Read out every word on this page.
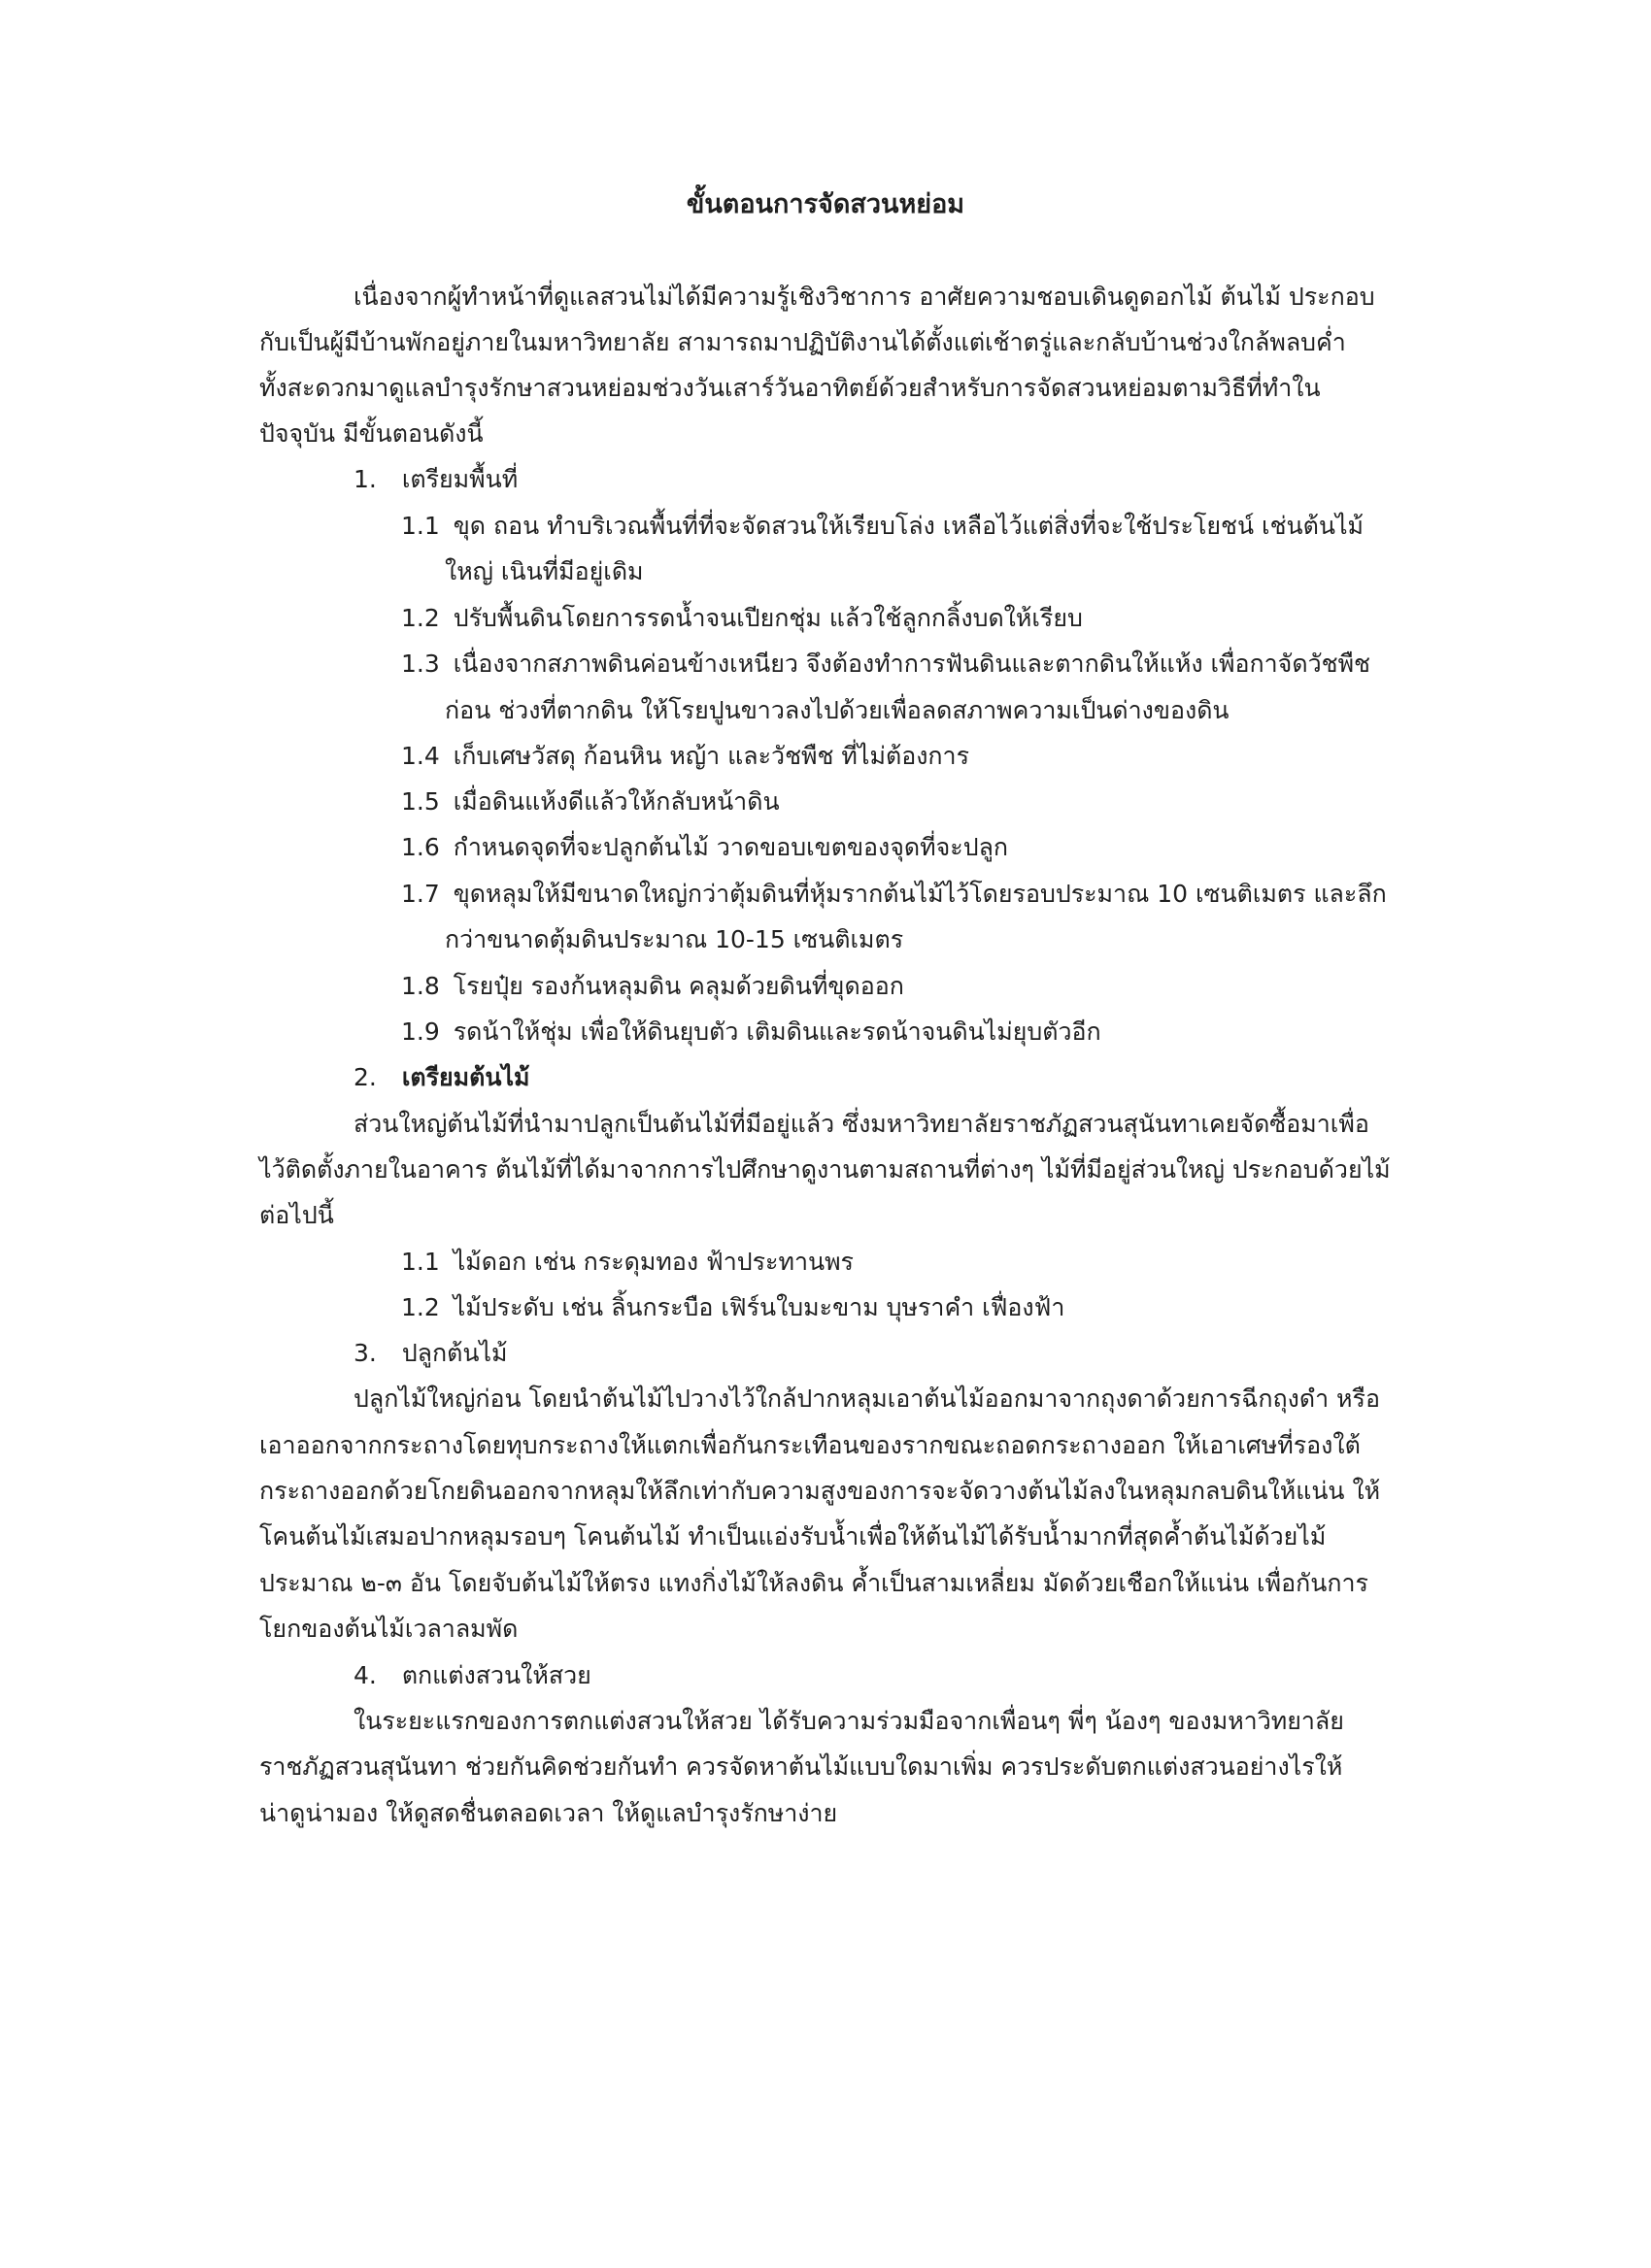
ขั้นตอนการจัดสวนหย่อม
เนื่องจากผู้ทำหน้าที่ดูแลสวนไม่ได้มีความรู้เชิงวิชาการ อาศัยความชอบเดินดูดอกไม้ ต้นไม้ ประกอบ
กับเป็นผู้มีบ้านพักอยู่ภายในมหาวิทยาลัย สามารถมาปฏิบัติงานได้ตั้งแต่เช้าตรู่และกลับบ้านช่วงใกล้พลบค่ำ
ทั้งสะดวกมาดูแลบำรุงรักษาสวนหย่อมช่วงวันเสาร์วันอาทิตย์ด้วยสำหรับการจัดสวนหย่อมตามวิธีที่ทำใน
ปัจจุบัน มีขั้นตอนดังนี้
1. เตรียมพื้นที่
1.1 ขุด ถอน ทำบริเวณพื้นที่ที่จะจัดสวนให้เรียบโล่ง เหลือไว้แต่สิ่งที่จะใช้ประโยชน์ เช่นต้นไม้
ใหญ่ เนินที่มีอยู่เดิม
1.2 ปรับพื้นดินโดยการรดน้ำจนเปียกชุ่ม แล้วใช้ลูกกลิ้งบดให้เรียบ
1.3 เนื่องจากสภาพดินค่อนข้างเหนียว จึงต้องทำการฟันดินและตากดินให้แห้ง เพื่อกาจัดวัชพืช
ก่อน ช่วงที่ตากดิน ให้โรยปูนขาวลงไปด้วยเพื่อลดสภาพความเป็นด่างของดิน
1.4 เก็บเศษวัสดุ ก้อนหิน หญ้า และวัชพืช ที่ไม่ต้องการ
1.5 เมื่อดินแห้งดีแล้วให้กลับหน้าดิน
1.6 กำหนดจุดที่จะปลูกต้นไม้ วาดขอบเขตของจุดที่จะปลูก
1.7 ขุดหลุมให้มีขนาดใหญ่กว่าตุ้มดินที่หุ้มรากต้นไม้ไว้โดยรอบประมาณ 10 เซนติเมตร และลึก
กว่าขนาดตุ้มดินประมาณ 10-15 เซนติเมตร
1.8 โรยปุ๋ย รองก้นหลุมดิน คลุมด้วยดินที่ขุดออก
1.9 รดน้าให้ชุ่ม เพื่อให้ดินยุบตัว เติมดินและรดน้าจนดินไม่ยุบตัวอีก
2. เตรียมต้นไม้
ส่วนใหญ่ต้นไม้ที่นำมาปลูกเป็นต้นไม้ที่มีอยู่แล้ว ซึ่งมหาวิทยาลัยราชภัฏสวนสุนันทาเคยจัดซื้อมาเพื่อ
ไว้ติดตั้งภายในอาคาร ต้นไม้ที่ได้มาจากการไปศึกษาดูงานตามสถานที่ต่างๆ ไม้ที่มีอยู่ส่วนใหญ่ ประกอบด้วยไม้
ต่อไปนี้
1.1 ไม้ดอก เช่น กระดุมทอง ฟ้าประทานพร
1.2 ไม้ประดับ เช่น ลิ้นกระบือ เฟิร์นใบมะขาม บุษราคำ เฟื่องฟ้า
3. ปลูกต้นไม้
ปลูกไม้ใหญ่ก่อน โดยนำต้นไม้ไปวางไว้ใกล้ปากหลุมเอาต้นไม้ออกมาจากถุงดาด้วยการฉีกถุงดำ หรือ
เอาออกจากกระถางโดยทุบกระถางให้แตกเพื่อกันกระเทือนของรากขณะถอดกระถางออก ให้เอาเศษที่รองใต้
กระถางออกด้วยโกยดินออกจากหลุมให้ลึกเท่ากับความสูงของการจะจัดวางต้นไม้ลงในหลุมกลบดินให้แน่น ให้
โคนต้นไม้เสมอปากหลุมรอบๆ โคนต้นไม้ ทำเป็นแอ่งรับน้ำเพื่อให้ต้นไม้ได้รับน้ำมากที่สุดค้ำต้นไม้ด้วยไม้
ประมาณ ๒-๓ อัน โดยจับต้นไม้ให้ตรง แทงกิ่งไม้ให้ลงดิน ค้ำเป็นสามเหลี่ยม มัดด้วยเชือกให้แน่น เพื่อกันการ
โยกของต้นไม้เวลาลมพัด
4. ตกแต่งสวนให้สวย
ในระยะแรกของการตกแต่งสวนให้สวย ได้รับความร่วมมือจากเพื่อนๆ พี่ๆ น้องๆ ของมหาวิทยาลัย
ราชภัฏสวนสุนันทา ช่วยกันคิดช่วยกันทำ ควรจัดหาต้นไม้แบบใดมาเพิ่ม ควรประดับตกแต่งสวนอย่างไรให้
น่าดูน่ามอง ให้ดูสดชื่นตลอดเวลา ให้ดูแลบำรุงรักษาง่าย
